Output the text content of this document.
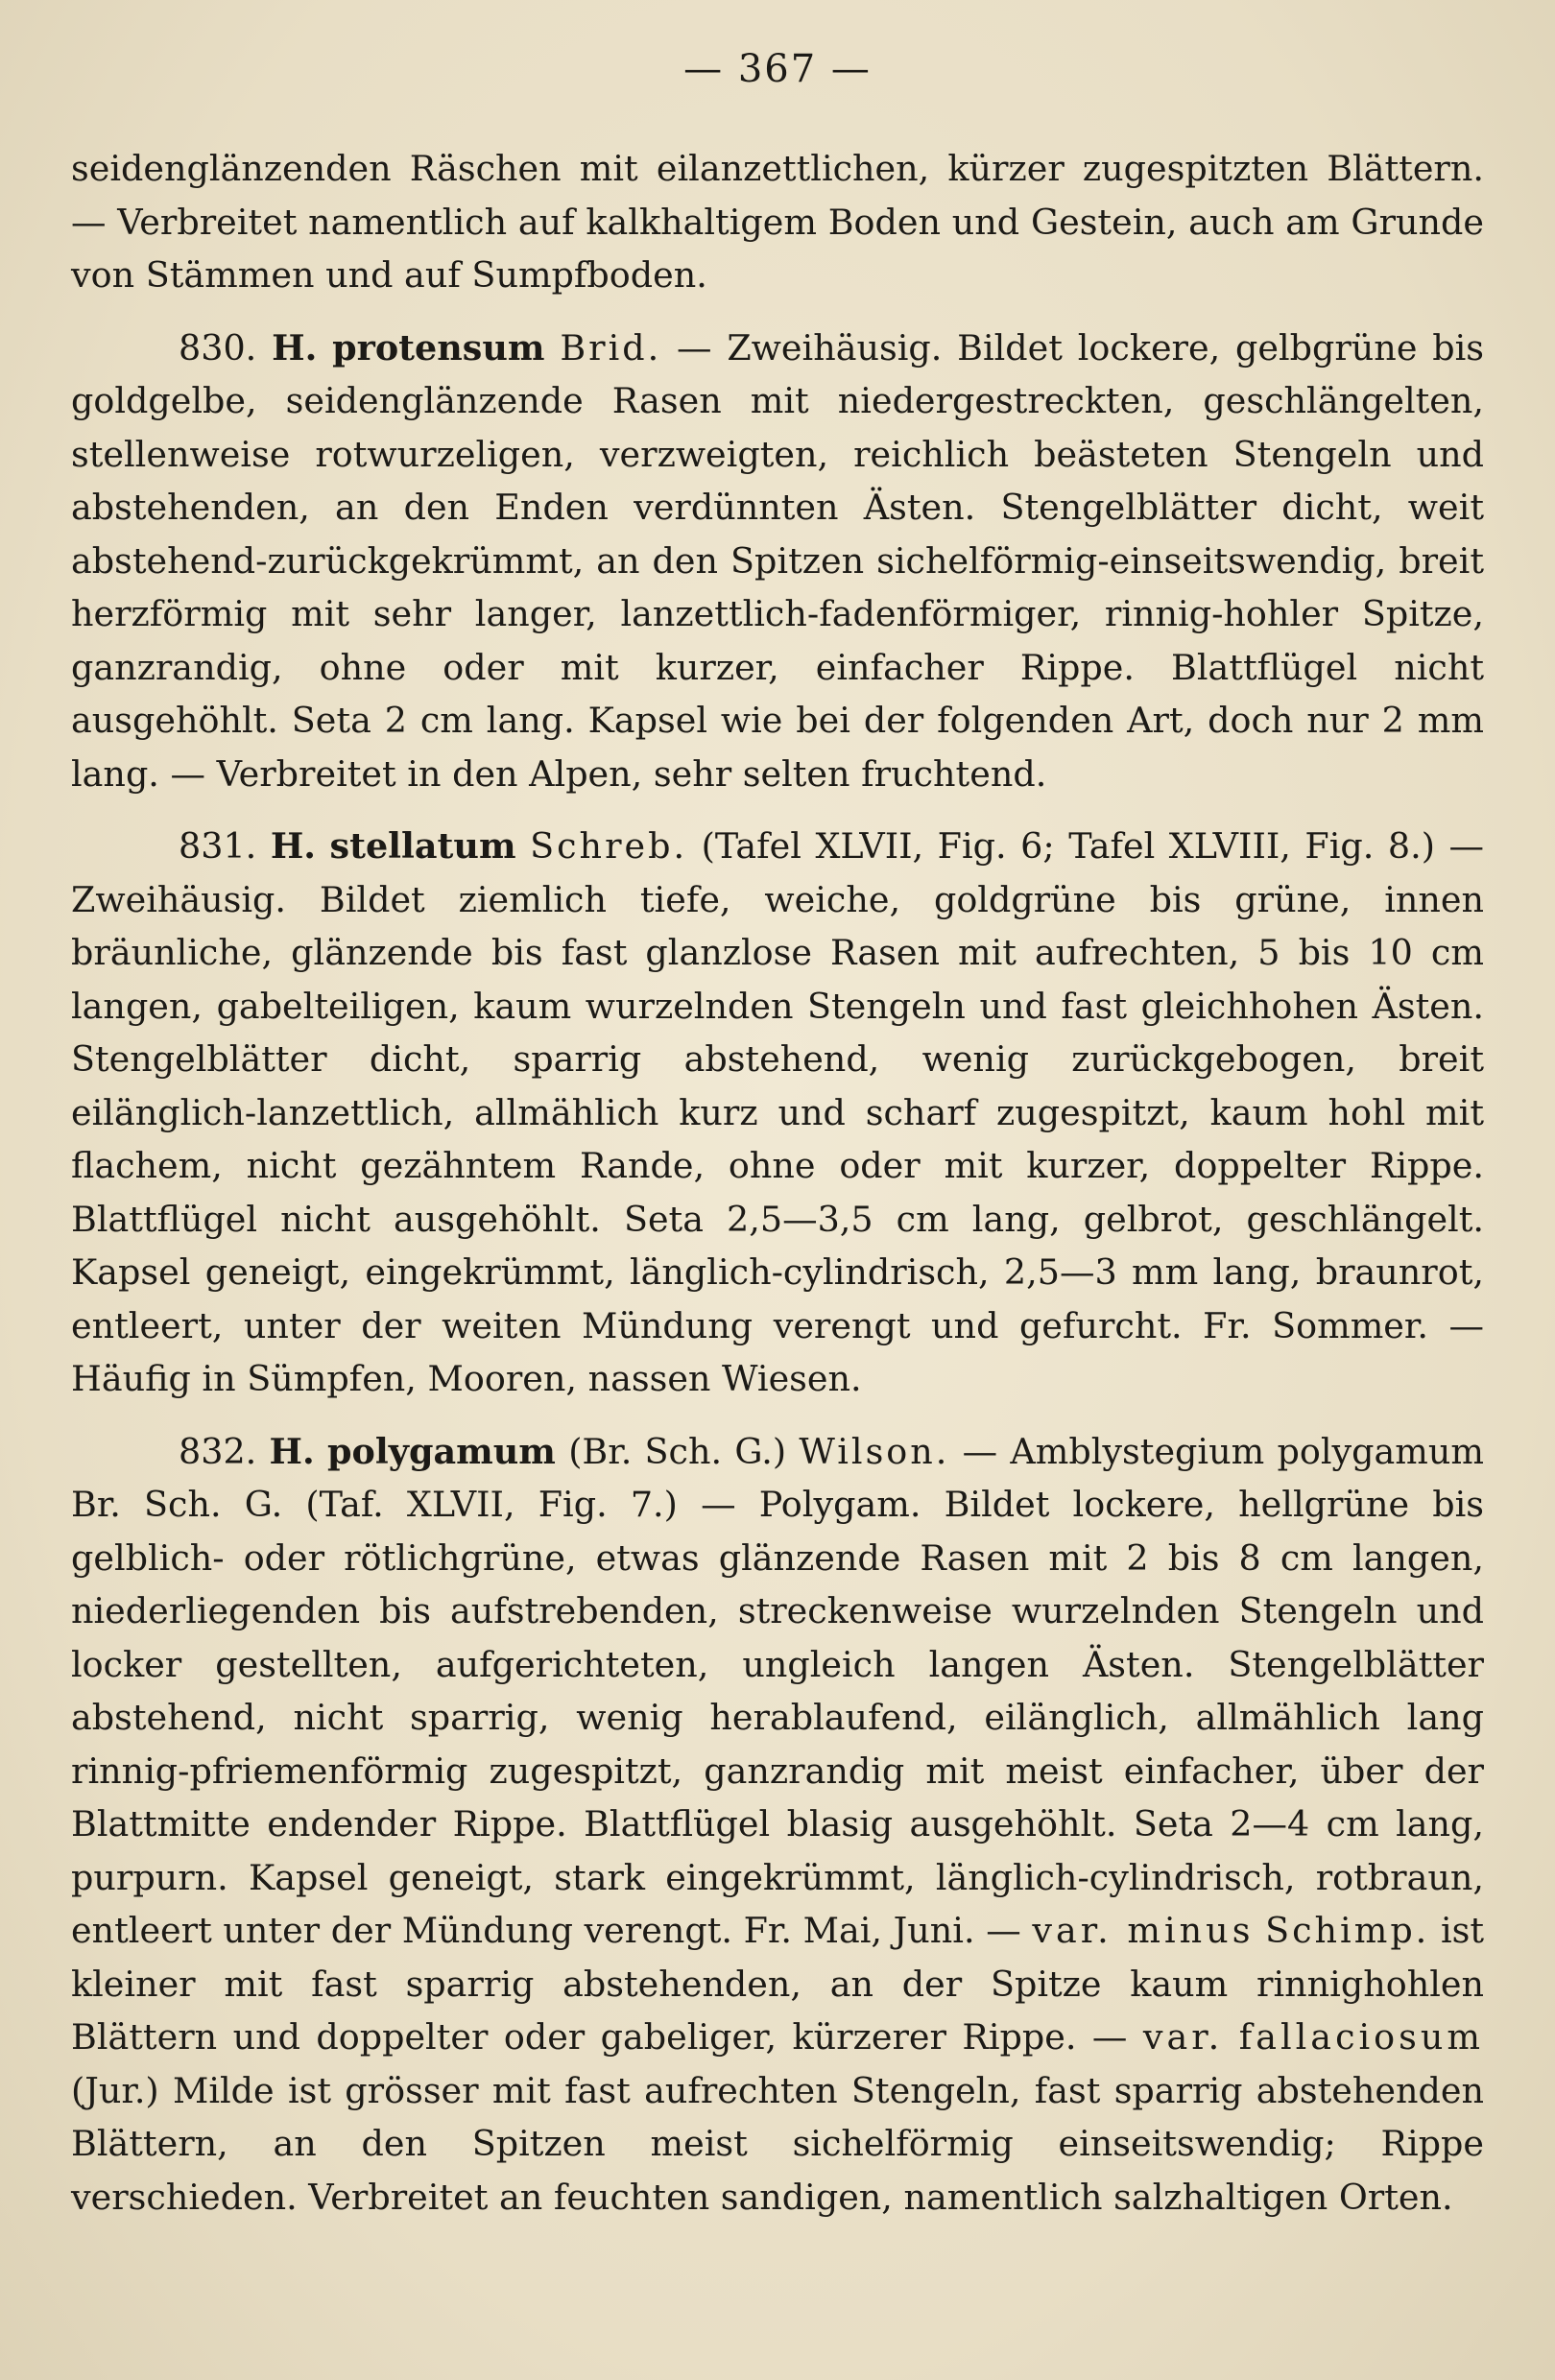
— 367 —

seidenglänzenden Räschen mit eilanzettlichen, kürzer zugespitzten Blättern. — Verbreitet namentlich auf kalkhaltigem Boden und Gestein, auch am Grunde von Stämmen und auf Sumpfboden.

830. H. protensum Brid. — Zweihäusig. Bildet lockere, gelbgrüne bis goldgelbe, seidenglänzende Rasen mit niedergestreckten, geschlängelten, stellenweise rotwurzeligen, verzweigten, reichlich beästeten Stengeln und abstehenden, an den Enden verdünnten Ästen. Stengelblätter dicht, weit abstehend-zurückgekrümmt, an den Spitzen sichelförmig-einseitswendig, breit herzförmig mit sehr langer, lanzettlich-fadenförmiger, rinnig-hohler Spitze, ganzrandig, ohne oder mit kurzer, einfacher Rippe. Blattflügel nicht ausgehöhlt. Seta 2 cm lang. Kapsel wie bei der folgenden Art, doch nur 2 mm lang. — Verbreitet in den Alpen, sehr selten fruchtend.

831. H. stellatum Schreb. (Tafel XLVII, Fig. 6; Tafel XLVIII, Fig. 8.) — Zweihäusig. Bildet ziemlich tiefe, weiche, goldgrüne bis grüne, innen bräunliche, glänzende bis fast glanzlose Rasen mit aufrechten, 5 bis 10 cm langen, gabelteiligen, kaum wurzelnden Stengeln und fast gleichhohen Ästen. Stengelblätter dicht, sparrig abstehend, wenig zurückgebogen, breit eilänglich-lanzettlich, allmählich kurz und scharf zugespitzt, kaum hohl mit flachem, nicht gezähntem Rande, ohne oder mit kurzer, doppelter Rippe. Blattflügel nicht ausgehöhlt. Seta 2,5—3,5 cm lang, gelbrot, geschlängelt. Kapsel geneigt, eingekrümmt, länglich-cylindrisch, 2,5—3 mm lang, braunrot, entleert, unter der weiten Mündung verengt und gefurcht. Fr. Sommer. — Häufig in Sümpfen, Mooren, nassen Wiesen.

832. H. polygamum (Br. Sch. G.) Wilson. — Amblystegium polygamum Br. Sch. G. (Taf. XLVII, Fig. 7.) — Polygam. Bildet lockere, hellgrüne bis gelblich- oder rötlichgrüne, etwas glänzende Rasen mit 2 bis 8 cm langen, niederliegenden bis aufstrebenden, streckenweise wurzelnden Stengeln und locker gestellten, aufgerichteten, ungleich langen Ästen. Stengelblätter abstehend, nicht sparrig, wenig herablaufend, eilänglich, allmählich lang rinnig-pfriemenförmig zugespitzt, ganzrandig mit meist einfacher, über der Blattmitte endender Rippe. Blattflügel blasig ausgehöhlt. Seta 2—4 cm lang, purpurn. Kapsel geneigt, stark eingekrümmt, länglich-cylindrisch, rotbraun, entleert unter der Mündung verengt. Fr. Mai, Juni. — var. minus Schimp. ist kleiner mit fast sparrig abstehenden, an der Spitze kaum rinnighohlen Blättern und doppelter oder gabeliger, kürzerer Rippe. — var. fallaciosum (Jur.) Milde ist grösser mit fast aufrechten Stengeln, fast sparrig abstehenden Blättern, an den Spitzen meist sichelförmig einseitswendig; Rippe verschieden. Verbreitet an feuchten sandigen, namentlich salzhaltigen Orten.
